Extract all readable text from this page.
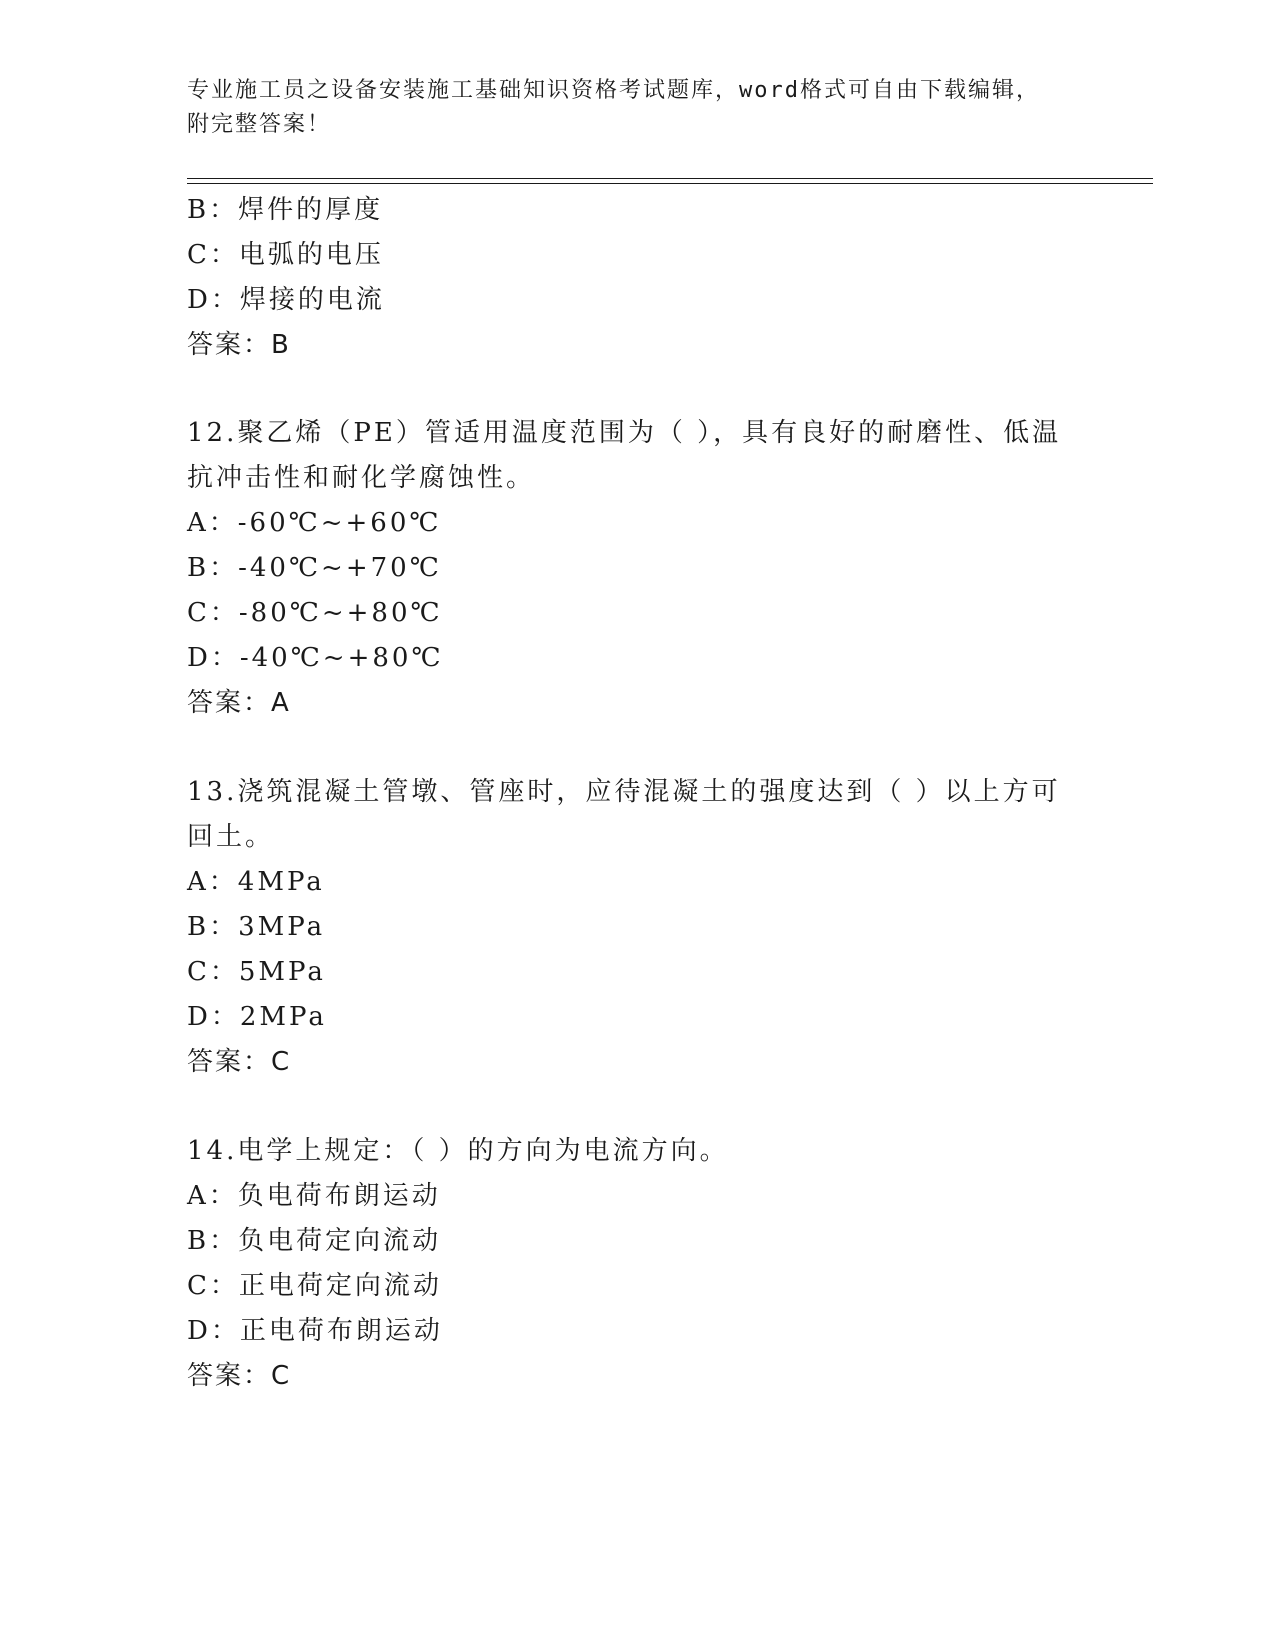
专业施工员之设备安装施工基础知识资格考试题库，word格式可自由下载编辑，
附完整答案！
B：焊件的厚度
C：电弧的电压
D：焊接的电流
答案：B
12.聚乙烯（PE）管适用温度范围为（ ），具有良好的耐磨性、低温
抗冲击性和耐化学腐蚀性。
A：-60℃~+60℃
B：-40℃~+70℃
C：-80℃~+80℃
D：-40℃~+80℃
答案：A
13.浇筑混凝土管墩、管座时，应待混凝土的强度达到（ ）以上方可
回土。
A：4MPa
B：3MPa
C：5MPa
D：2MPa
答案：C
14.电学上规定：（ ）的方向为电流方向。
A：负电荷布朗运动
B：负电荷定向流动
C：正电荷定向流动
D：正电荷布朗运动
答案：C
